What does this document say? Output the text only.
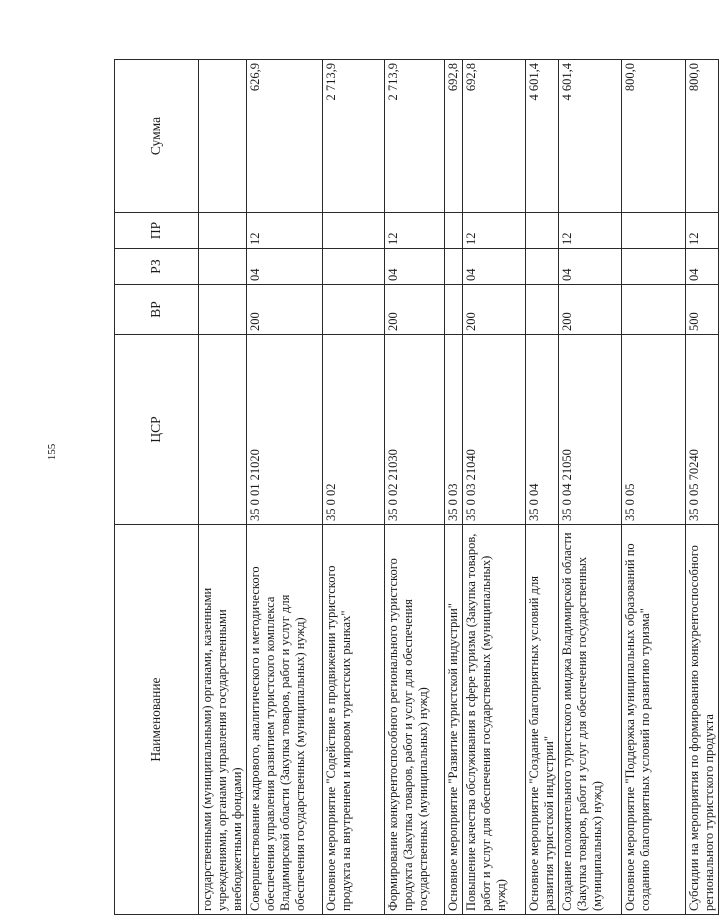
155
Наименование	ЦСР	ВР	РЗ	ПР	Сумма
государственными (муниципальными) органами, казенными учреждениями, органами управления государственными внебюджетными фондами)					
Совершенствование кадрового, аналитического и методического обеспечения управления развитием туристского комплекса Владимирской области (Закупка товаров, работ и услуг для обеспечения государственных (муниципальных) нужд)	35 0 01 21020	200	04	12	626,9
Основное мероприятие "Содействие в продвижении туристского продукта на внутреннем и мировом туристских рынках"	35 0 02				2 713,9
Формирование конкурентоспособного регионального туристского продукта (Закупка товаров, работ и услуг для обеспечения государственных (муниципальных) нужд)	35 0 02 21030	200	04	12	2 713,9
Основное мероприятие "Развитие туристской индустрии"	35 0 03				692,8
Повышение качества обслуживания в сфере туризма (Закупка товаров, работ и услуг для обеспечения государственных (муниципальных) нужд)	35 0 03 21040	200	04	12	692,8
Основное мероприятие "Создание благоприятных условий для развития туристской индустрии"	35 0 04				4 601,4
Создание положительного туристского имиджа Владимирской области (Закупка товаров, работ и услуг для обеспечения государственных (муниципальных) нужд)	35 0 04 21050	200	04	12	4 601,4
Основное мероприятие "Поддержка муниципальных образований по созданию благоприятных условий по развитию туризма"	35 0 05				800,0
Субсидии на мероприятия по формированию конкурентоспособного регионального туристского продукта	35 0 05 70240	500	04	12	800,0
